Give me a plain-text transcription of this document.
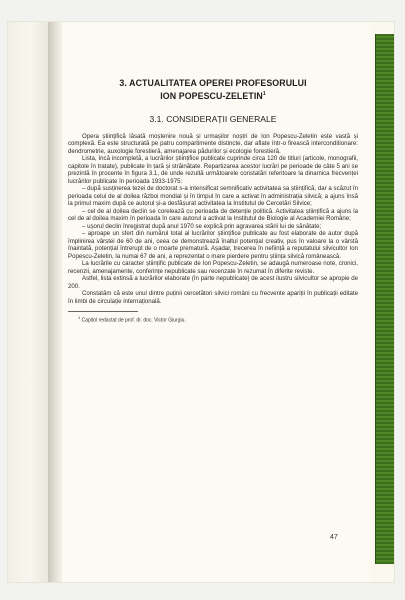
3. ACTUALITATEA OPEREI PROFESORULUI
ION POPESCU-ZELETIN$^1$
3.1. CONSIDERAȚII GENERALE

Opera științifică lăsată moștenire nouă și urmașilor noștri de Ion Popescu-Zeletin este vastă și complexă. Ea este structurată pe patru compartimente distincte, dar aflate într-o firească interconditionare: dendrometrie, auxologie forestieră, amenajarea pădurilor și ecologie forestieră.

Lista, încă incompletă, a lucrărilor științifice publicate cuprinde circa 120 de titluri (articole, monografii, capitole în tratate), publicate în țară și străinătate. Repartizarea acestor lucrări pe perioade de câte 5 ani se prezintă în procente în figura 3.1, de unde rezultă următoarele constatări referitoare la dinamica frecvenței lucrărilor publicate în perioada 1933-1975:

– după susținerea tezei de doctorat s-a intensificat semnificativ activitatea sa științifică, dar a scăzut în perioada celui de al doilea război mondial și în timpul în care a activat în administrația silvică; a ajuns însă la primul maxim după ce autorul și-a desfășurat activitatea la Institutul de Cercetări Silvice;

– cel de al doilea declin se corelează cu perioada de detenție politică. Activitatea științifică a ajuns la cel de al doilea maxim în perioada în care autorul a activat la Institutul de Biologie al Academiei Române;

– ușorul declin înregistrat după anul 1970 se explică prin agravarea stării lui de sănătate;

– aproape un sfert din numărul total al lucrărilor științifice publicate au fost elaborate de autor după împlinirea vârstei de 60 de ani, ceea ce demonstrează înaltul potențial creativ, pus în valoare la o vârstă înaintată, potențial întrerupt de o moarte prematură. Așadar, trecerea în neființă a reputatului silvicultor Ion Popescu-Zeletin, la numai 67 de ani, a reprezentat o mare pierdere pentru știința silvică românească.

La lucrările cu caracter științific publicate de Ion Popescu-Zeletin, se adaugă numeroase note, cronici, recenzii, amenajamente, conferințe nepublicate sau recenzate în rezumat în diferite reviste.

Astfel, lista extinsă a lucrărilor elaborate (în parte nepublicate) de acest ilustru silvicultor se apropie de 200.

Constatăm că este unul dintre puținii cercetători silvici români cu frecvente apariții în publicații editate în limbi de circulație internațională.

$^1$ Capitol redactat de prof. dr. doc. Victor Giurgiu.
47
